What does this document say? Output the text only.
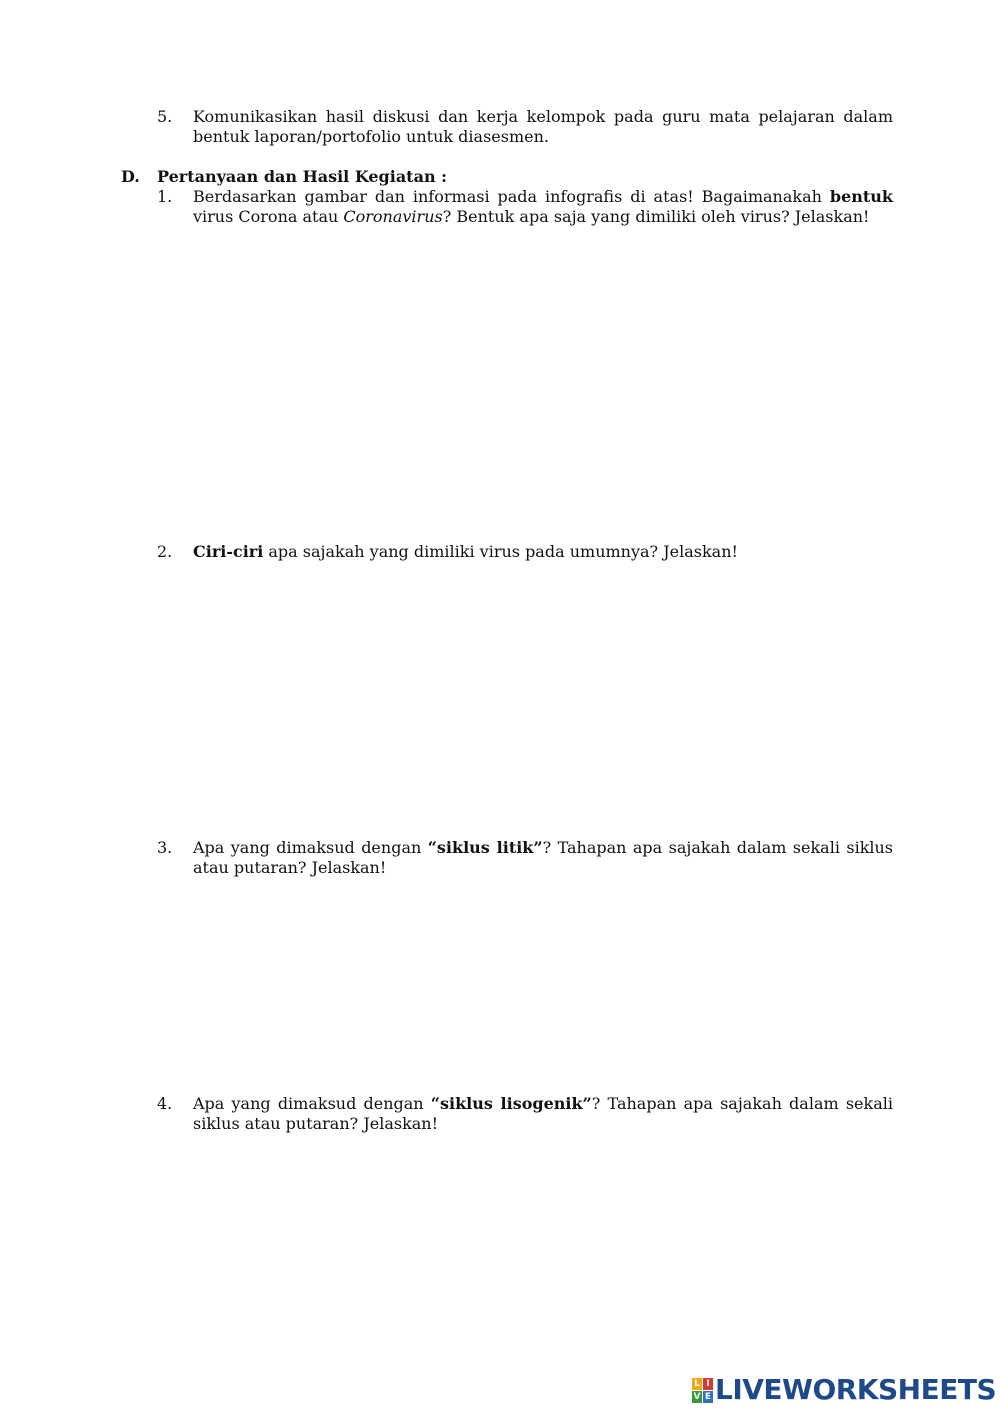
5. Komunikasikan hasil diskusi dan kerja kelompok pada guru mata pelajaran dalam bentuk laporan/portofolio untuk diasesmen.
D. Pertanyaan dan Hasil Kegiatan :
1. Berdasarkan gambar dan informasi pada infografis di atas! Bagaimanakah bentuk virus Corona atau Coronavirus? Bentuk apa saja yang dimiliki oleh virus? Jelaskan!
2. Ciri-ciri apa sajakah yang dimiliki virus pada umumnya? Jelaskan!
3. Apa yang dimaksud dengan “siklus litik”? Tahapan apa sajakah dalam sekali siklus atau putaran? Jelaskan!
4. Apa yang dimaksud dengan “siklus lisogenik”? Tahapan apa sajakah dalam sekali siklus atau putaran? Jelaskan!
L I
V E LIVEWORKSHEETS
